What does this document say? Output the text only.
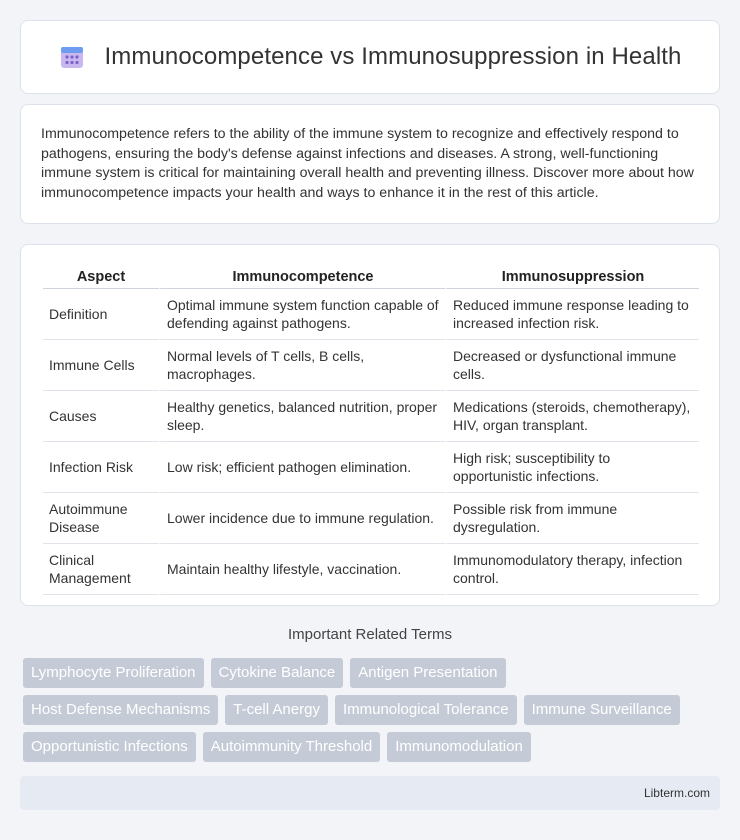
Immunocompetence vs Immunosuppression in Health

Immunocompetence refers to the ability of the immune system to recognize and effectively respond to pathogens, ensuring the body's defense against infections and diseases. A strong, well-functioning immune system is critical for maintaining overall health and preventing illness. Discover more about how immunocompetence impacts your health and ways to enhance it in the rest of this article.

Aspect	Immunocompetence	Immunosuppression
Definition	Optimal immune system function capable of defending against pathogens.	Reduced immune response leading to increased infection risk.
Immune Cells	Normal levels of T cells, B cells, macrophages.	Decreased or dysfunctional immune cells.
Causes	Healthy genetics, balanced nutrition, proper sleep.	Medications (steroids, chemotherapy), HIV, organ transplant.
Infection Risk	Low risk; efficient pathogen elimination.	High risk; susceptibility to opportunistic infections.
Autoimmune Disease	Lower incidence due to immune regulation.	Possible risk from immune dysregulation.
Clinical Management	Maintain healthy lifestyle, vaccination.	Immunomodulatory therapy, infection control.
Important Related Terms
Lymphocyte Proliferation	Cytokine Balance	Antigen Presentation
Host Defense Mechanisms	T-cell Anergy	Immunological Tolerance	Immune Surveillance
Opportunistic Infections	Autoimmunity Threshold	Immunomodulation
Libterm.com
